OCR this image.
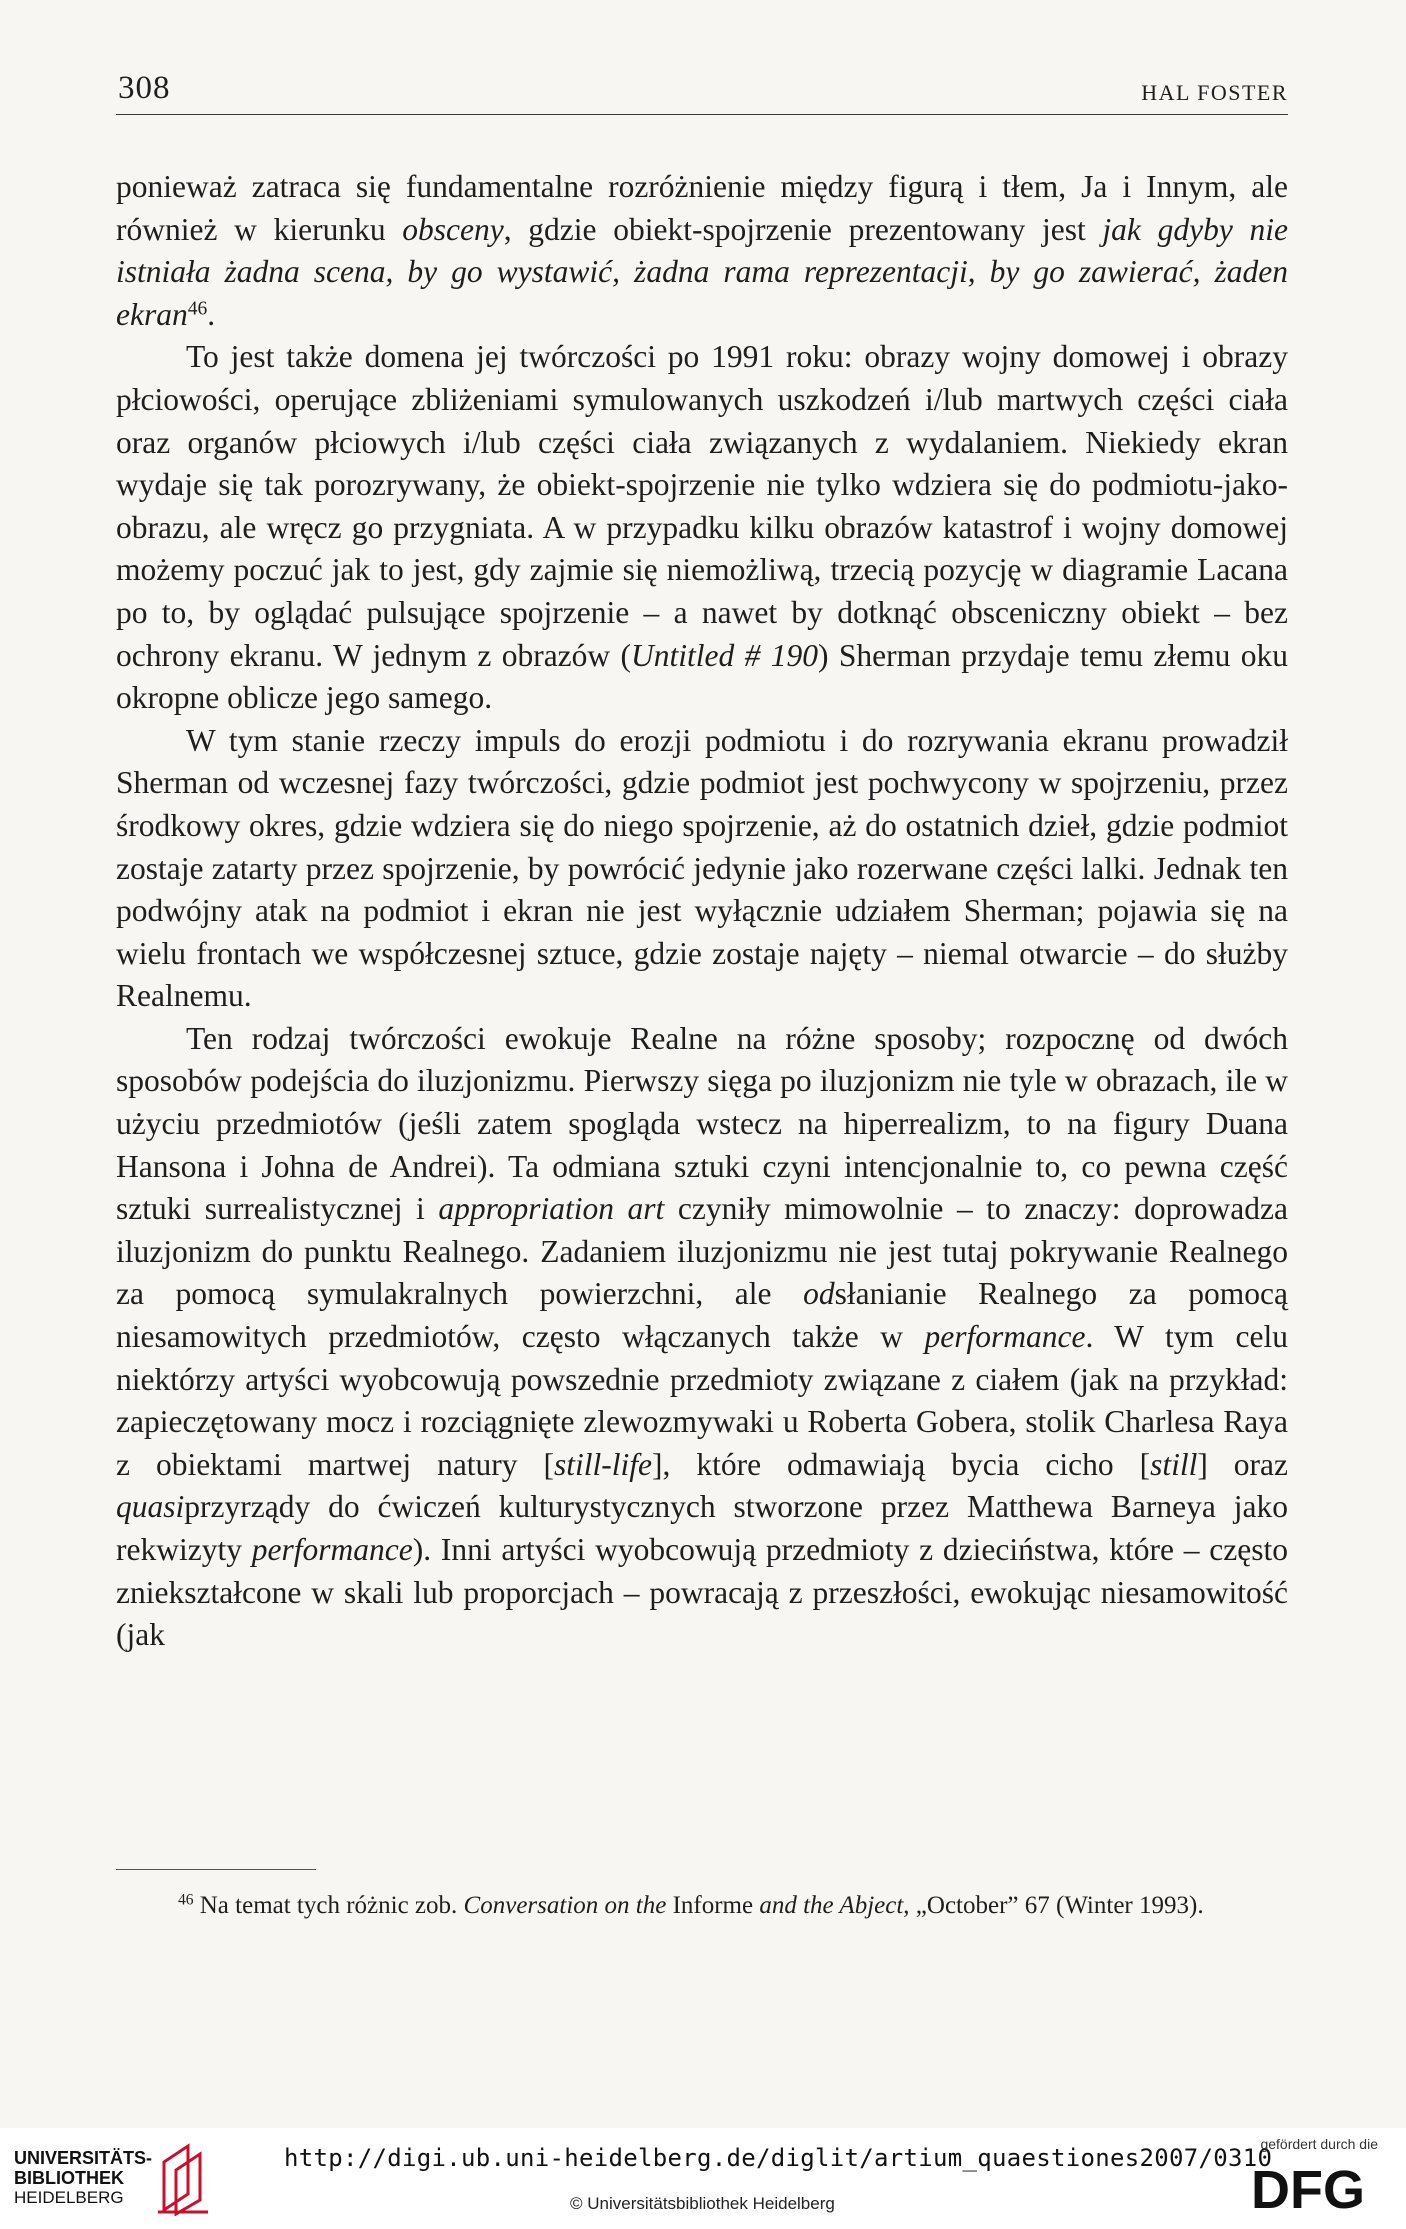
308	HAL FOSTER

ponieważ zatraca się fundamentalne rozróżnienie między figurą i tłem, Ja i Innym, ale również w kierunku obsceny, gdzie obiekt-spojrzenie prezentowany jest jak gdyby nie istniała żadna scena, by go wystawić, żadna rama reprezentacji, by go zawierać, żaden ekran$^{46}$.

To jest także domena jej twórczości po 1991 roku: obrazy wojny domowej i obrazy płciowości, operujące zbliżeniami symulowanych uszkodzeń i/lub martwych części ciała oraz organów płciowych i/lub części ciała związanych z wydalaniem. Niekiedy ekran wydaje się tak porozrywany, że obiekt-spojrzenie nie tylko wdziera się do podmiotu-jako-obrazu, ale wręcz go przygniata. A w przypadku kilku obrazów katastrof i wojny domowej możemy poczuć jak to jest, gdy zajmie się niemożliwą, trzecią pozycję w diagramie Lacana po to, by oglądać pulsujące spojrzenie – a nawet by dotknąć obsceniczny obiekt – bez ochrony ekranu. W jednym z obrazów (Untitled # 190) Sherman przydaje temu złemu oku okropne oblicze jego samego.

W tym stanie rzeczy impuls do erozji podmiotu i do rozrywania ekranu prowadził Sherman od wczesnej fazy twórczości, gdzie podmiot jest pochwycony w spojrzeniu, przez środkowy okres, gdzie wdziera się do niego spojrzenie, aż do ostatnich dzieł, gdzie podmiot zostaje zatarty przez spojrzenie, by powrócić jedynie jako rozerwane części lalki. Jednak ten podwójny atak na podmiot i ekran nie jest wyłącznie udziałem Sherman; pojawia się na wielu frontach we współczesnej sztuce, gdzie zostaje najęty – niemal otwarcie – do służby Realnemu.

Ten rodzaj twórczości ewokuje Realne na różne sposoby; rozpocznę od dwóch sposobów podejścia do iluzjonizmu. Pierwszy sięga po iluzjonizm nie tyle w obrazach, ile w użyciu przedmiotów (jeśli zatem spogląda wstecz na hiperrealizm, to na figury Duana Hansona i Johna de Andrei). Ta odmiana sztuki czyni intencjonalnie to, co pewna część sztuki surrealistycznej i appropriation art czyniły mimowolnie – to znaczy: doprowadza iluzjonizm do punktu Realnego. Zadaniem iluzjonizmu nie jest tutaj pokrywanie Realnego za pomocą symulakralnych powierzchni, ale odsłanianie Realnego za pomocą niesamowitych przedmiotów, często włączanych także w performance. W tym celu niektórzy artyści wyobcowują powszednie przedmioty związane z ciałem (jak na przykład: zapieczętowany mocz i rozciągnięte zlewozmywaki u Roberta Gobera, stolik Charlesa Raya z obiektami martwej natury [still-life], które odmawiają bycia cicho [still] oraz quasiprzyrządy do ćwiczeń kulturystycznych stworzone przez Matthewa Barneya jako rekwizyty performance). Inni artyści wyobcowują przedmioty z dzieciństwa, które – często zniekształcone w skali lub proporcjach – powracają z przeszłości, ewokując niesamowitość (jak

$^{46}$ Na temat tych różnic zob. Conversation on the Informe and the Abject, „October” 67 (Winter 1993).
UNIVERSITÄTS-
BIBLIOTHEK
HEIDELBERG
http://digi.ub.uni-heidelberg.de/diglit/artium_quaestiones2007/0310
© Universitätsbibliothek Heidelberg
gefördert durch die
DFG
